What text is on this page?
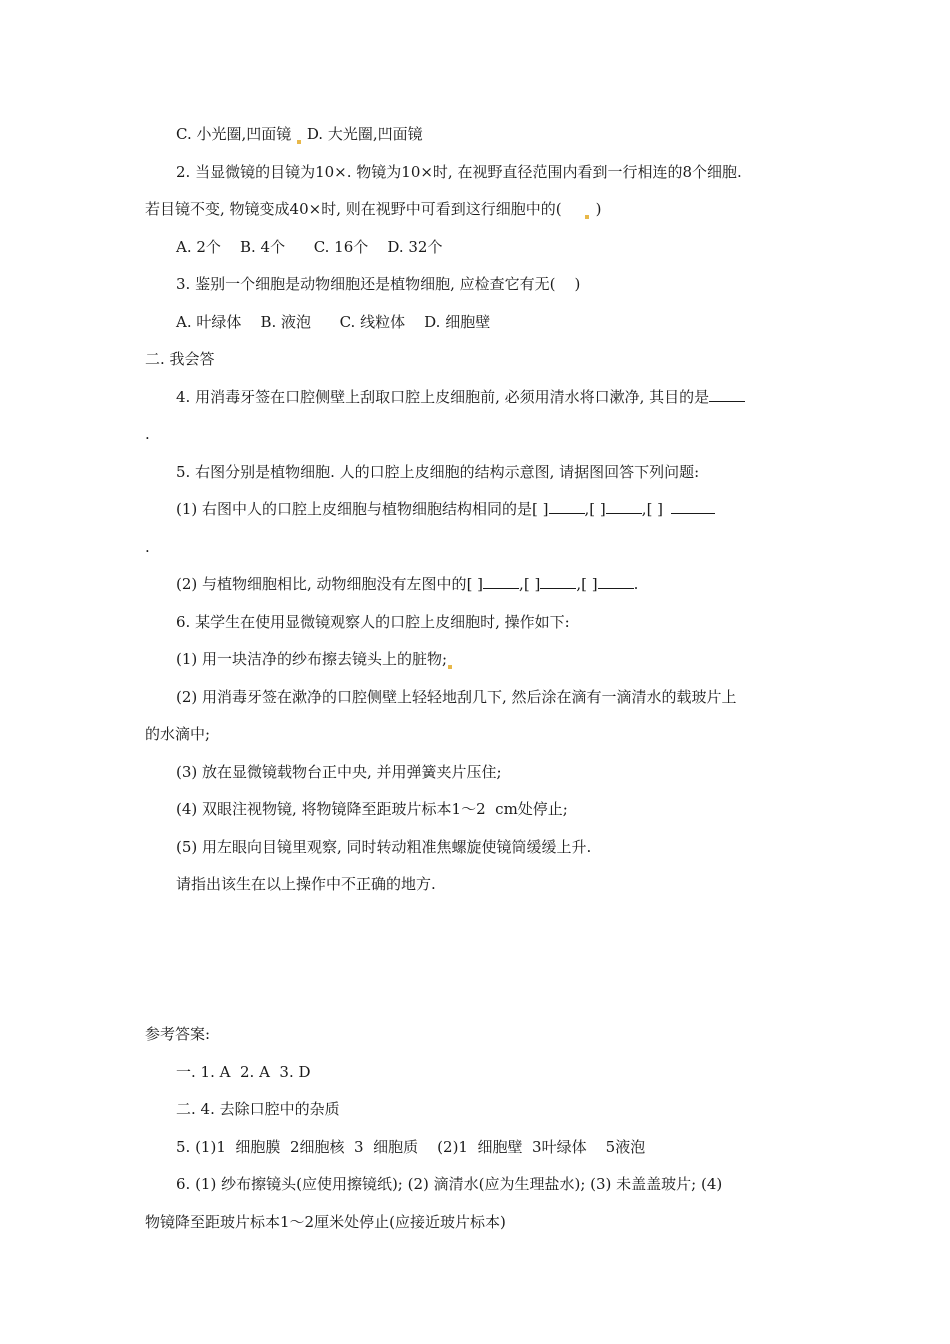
C. 小光圈,凹面镜 D. 大光圈,凹面镜
2. 当显微镜的目镜为10×. 物镜为10×时, 在视野直径范围内看到一行相连的8个细胞.
若目镜不变, 物镜变成40×时, 则在视野中可看到这行细胞中的( )
A. 2个    B. 4个      C. 16个    D. 32个
3. 鉴别一个细胞是动物细胞还是植物细胞, 应检查它有无(    )
A. 叶绿体    B. 液泡      C. 线粒体    D. 细胞壁
二. 我会答
4. 用消毒牙签在口腔侧壁上刮取口腔上皮细胞前, 必须用清水将口漱净, 其目的是
.
5. 右图分别是植物细胞. 人的口腔上皮细胞的结构示意图, 请据图回答下列问题:
(1) 右图中人的口腔上皮细胞与植物细胞结构相同的是[ ] ,[ ] ,[ ]
.
(2) 与植物细胞相比, 动物细胞没有左图中的[ ] ,[ ] ,[ ] .
6. 某学生在使用显微镜观察人的口腔上皮细胞时, 操作如下:
(1) 用一块洁净的纱布擦去镜头上的脏物;
(2) 用消毒牙签在漱净的口腔侧壁上轻轻地刮几下, 然后涂在滴有一滴清水的载玻片上
的水滴中;
(3) 放在显微镜载物台正中央, 并用弹簧夹片压住;
(4) 双眼注视物镜, 将物镜降至距玻片标本1～2  cm处停止;
(5) 用左眼向目镜里观察, 同时转动粗准焦螺旋使镜筒缓缓上升.
请指出该生在以上操作中不正确的地方.
参考答案:
一. 1. A  2. A  3. D
二. 4. 去除口腔中的杂质
5. (1)1  细胞膜  2细胞核  3  细胞质    (2)1  细胞壁  3叶绿体    5液泡
6. (1) 纱布擦镜头(应使用擦镜纸); (2) 滴清水(应为生理盐水); (3) 未盖盖玻片; (4)
物镜降至距玻片标本1～2厘米处停止(应接近玻片标本)
